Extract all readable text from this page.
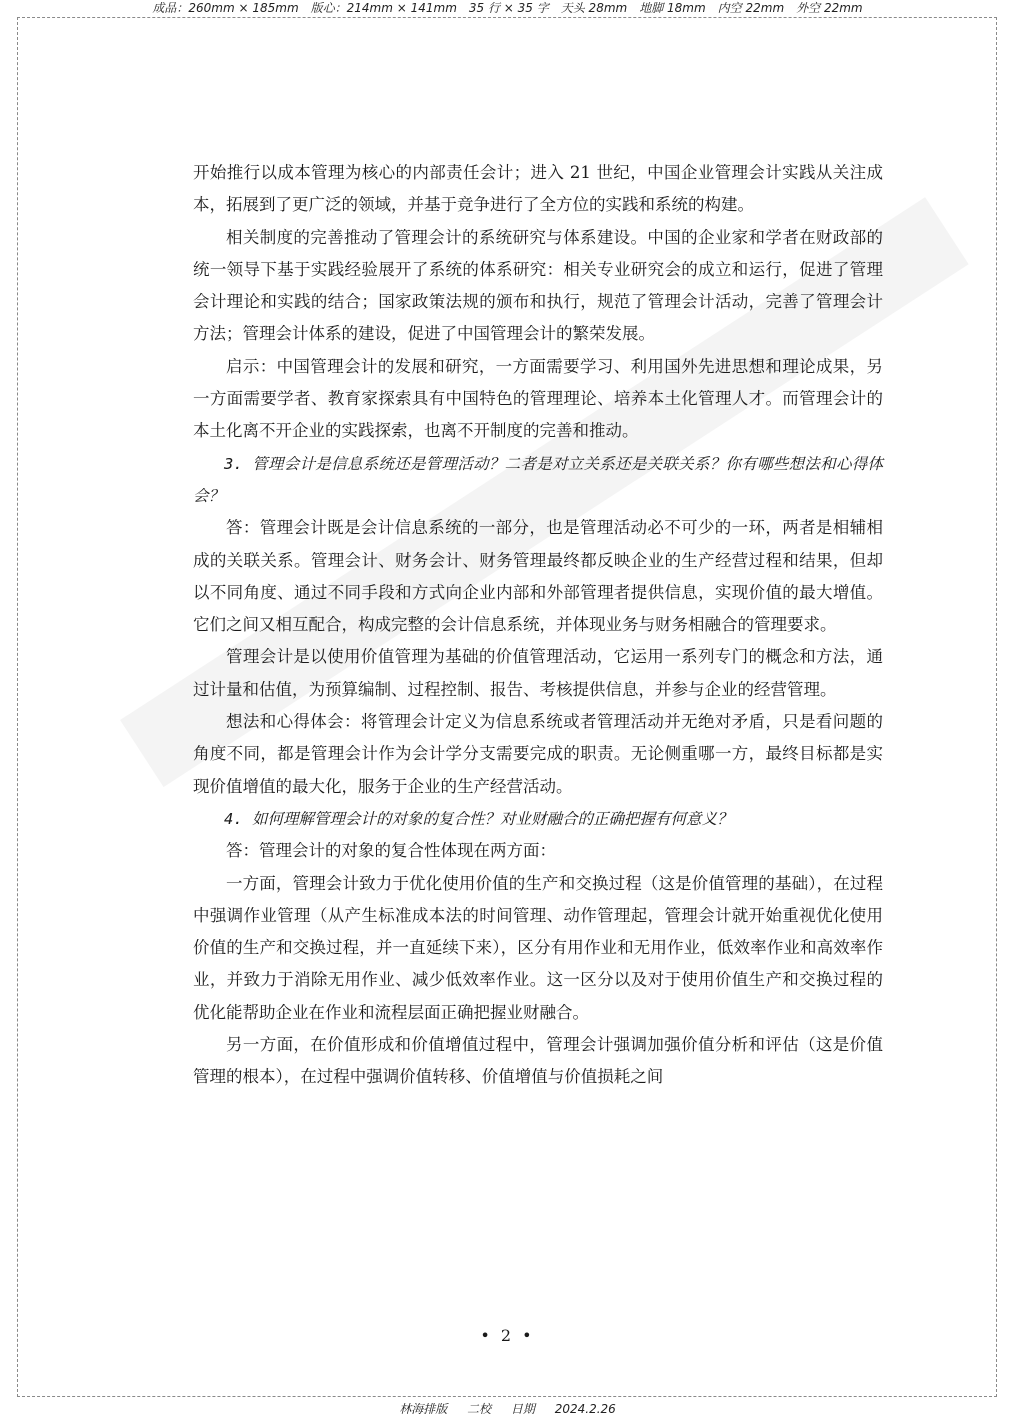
成品：260mm × 185mm　版心：214mm × 141mm　35 行 × 35 字　天头 28mm　地脚 18mm　内空 22mm　外空 22mm

开始推行以成本管理为核心的内部责任会计；进入 21 世纪，中国企业管理会计实践从关注成本，拓展到了更广泛的领域，并基于竞争进行了全方位的实践和系统的构建。

相关制度的完善推动了管理会计的系统研究与体系建设。中国的企业家和学者在财政部的统一领导下基于实践经验展开了系统的体系研究：相关专业研究会的成立和运行，促进了管理会计理论和实践的结合；国家政策法规的颁布和执行，规范了管理会计活动，完善了管理会计方法；管理会计体系的建设，促进了中国管理会计的繁荣发展。

启示：中国管理会计的发展和研究，一方面需要学习、利用国外先进思想和理论成果，另一方面需要学者、教育家探索具有中国特色的管理理论、培养本土化管理人才。而管理会计的本土化离不开企业的实践探索，也离不开制度的完善和推动。

3. 管理会计是信息系统还是管理活动？二者是对立关系还是关联关系？你有哪些想法和心得体会？

答：管理会计既是会计信息系统的一部分，也是管理活动必不可少的一环，两者是相辅相成的关联关系。管理会计、财务会计、财务管理最终都反映企业的生产经营过程和结果，但却以不同角度、通过不同手段和方式向企业内部和外部管理者提供信息，实现价值的最大增值。它们之间又相互配合，构成完整的会计信息系统，并体现业务与财务相融合的管理要求。

管理会计是以使用价值管理为基础的价值管理活动，它运用一系列专门的概念和方法，通过计量和估值，为预算编制、过程控制、报告、考核提供信息，并参与企业的经营管理。

想法和心得体会：将管理会计定义为信息系统或者管理活动并无绝对矛盾，只是看问题的角度不同，都是管理会计作为会计学分支需要完成的职责。无论侧重哪一方，最终目标都是实现价值增值的最大化，服务于企业的生产经营活动。

4. 如何理解管理会计的对象的复合性？对业财融合的正确把握有何意义？

答：管理会计的对象的复合性体现在两方面：

一方面，管理会计致力于优化使用价值的生产和交换过程（这是价值管理的基础），在过程中强调作业管理（从产生标准成本法的时间管理、动作管理起，管理会计就开始重视优化使用价值的生产和交换过程，并一直延续下来），区分有用作业和无用作业，低效率作业和高效率作业，并致力于消除无用作业、减少低效率作业。这一区分以及对于使用价值生产和交换过程的优化能帮助企业在作业和流程层面正确把握业财融合。

另一方面，在价值形成和价值增值过程中，管理会计强调加强价值分析和评估（这是价值管理的根本），在过程中强调价值转移、价值增值与价值损耗之间

• 2 •
林海排版 二校 日期 2024.2.26
